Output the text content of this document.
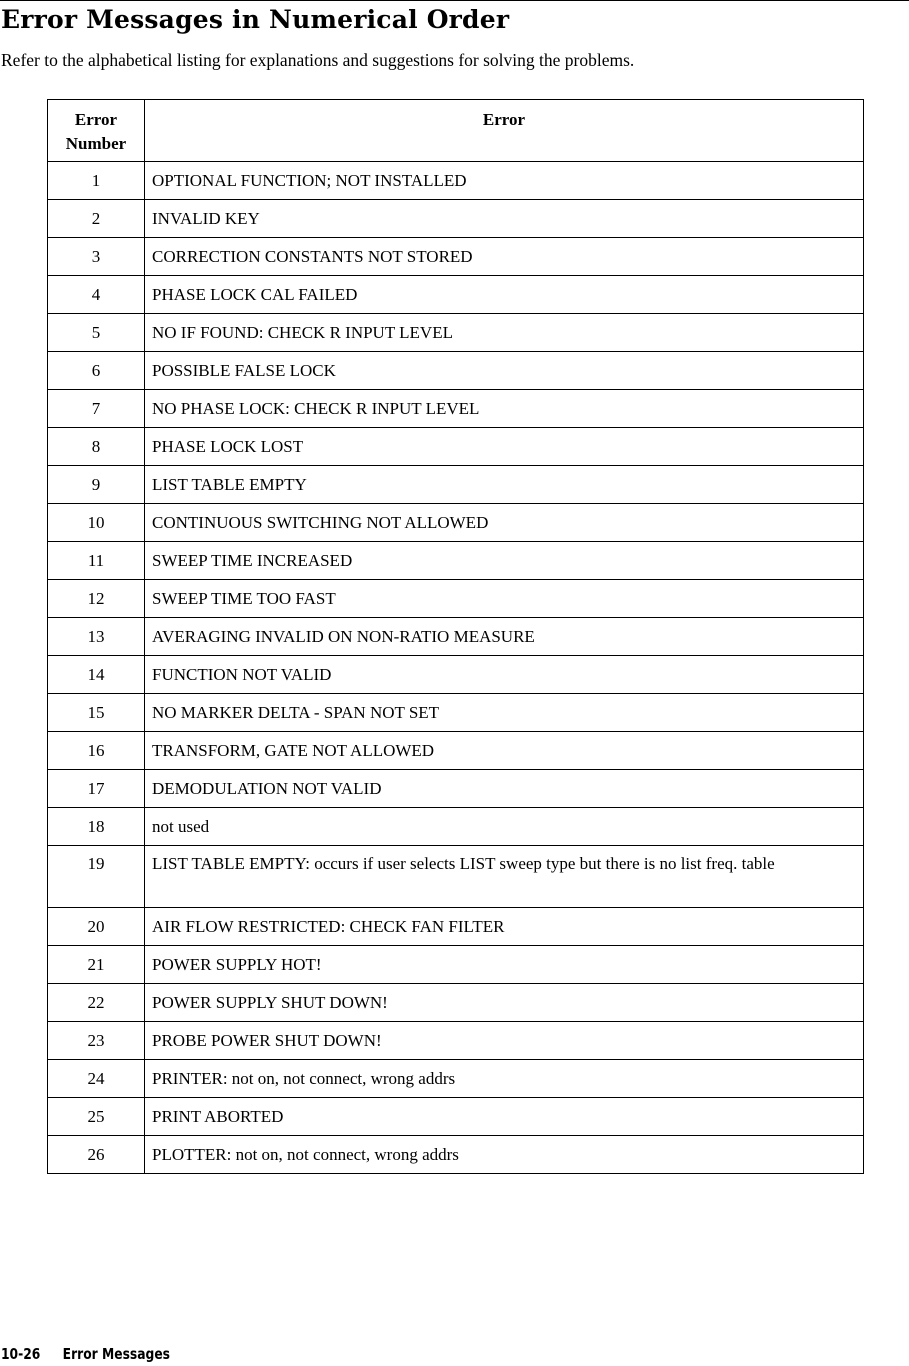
Error Messages in Numerical Order

Refer to the alphabetical listing for explanations and suggestions for solving the problems.

Error
Number	Error
1	OPTIONAL FUNCTION; NOT INSTALLED
2	INVALID KEY
3	CORRECTION CONSTANTS NOT STORED
4	PHASE LOCK CAL FAILED
5	NO IF FOUND: CHECK R INPUT LEVEL
6	POSSIBLE FALSE LOCK
7	NO PHASE LOCK: CHECK R INPUT LEVEL
8	PHASE LOCK LOST
9	LIST TABLE EMPTY
10	CONTINUOUS SWITCHING NOT ALLOWED
11	SWEEP TIME INCREASED
12	SWEEP TIME TOO FAST
13	AVERAGING INVALID ON NON-RATIO MEASURE
14	FUNCTION NOT VALID
15	NO MARKER DELTA - SPAN NOT SET
16	TRANSFORM, GATE NOT ALLOWED
17	DEMODULATION NOT VALID
18	not used
19	LIST TABLE EMPTY: occurs if user selects LIST sweep type but there is no list freq. table
20	AIR FLOW RESTRICTED: CHECK FAN FILTER
21	POWER SUPPLY HOT!
22	POWER SUPPLY SHUT DOWN!
23	PROBE POWER SHUT DOWN!
24	PRINTER: not on, not connect, wrong addrs
25	PRINT ABORTED
26	PLOTTER: not on, not connect, wrong addrs
10-26 Error Messages
